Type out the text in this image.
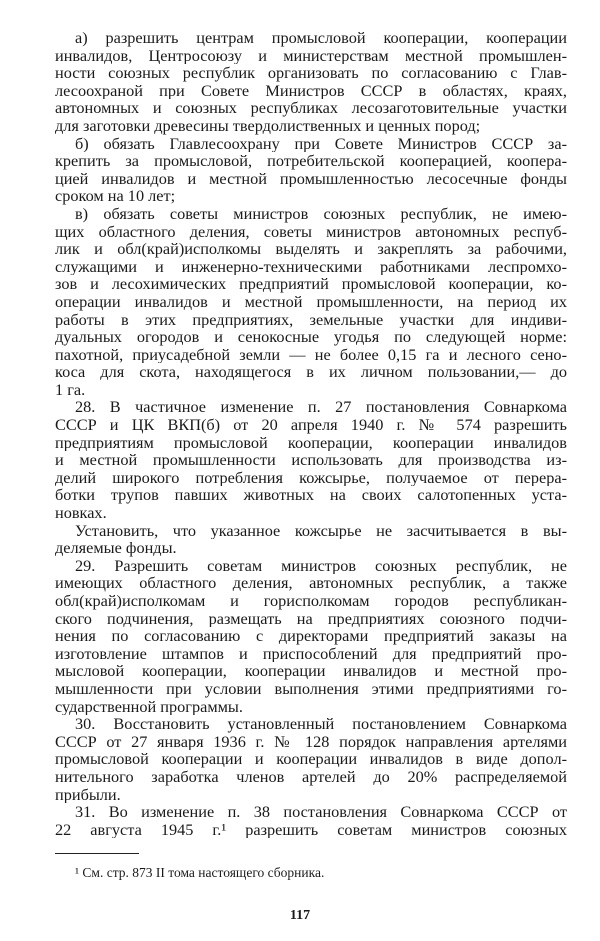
а) разрешить центрам промысловой кооперации, кооперации
инвалидов, Центросоюзу и министерствам местной промышлен-
ности союзных республик организовать по согласованию с Глав-
лесоохраной при Совете Министров СССР в областях, краях,
автономных и союзных республиках лесозаготовительные участки
для заготовки древесины твердолиственных и ценных пород;
б) обязать Главлесоохрану при Совете Министров СССР за-
крепить за промысловой, потребительской кооперацией, коопера-
цией инвалидов и местной промышленностью лесосечные фонды
сроком на 10 лет;
в) обязать советы министров союзных республик, не имею-
щих областного деления, советы министров автономных респуб-
лик и обл(край)исполкомы выделять и закреплять за рабочими,
служащими и инженерно-техническими работниками леспромхо-
зов и лесохимических предприятий промысловой кооперации, ко-
операции инвалидов и местной промышленности, на период их
работы в этих предприятиях, земельные участки для индиви-
дуальных огородов и сенокосные угодья по следующей норме:
пахотной, приусадебной земли — не более 0,15 га и лесного сено-
коса для скота, находящегося в их личном пользовании,— до
1 га.
28. В частичное изменение п. 27 постановления Совнаркома
СССР и ЦК ВКП(б) от 20 апреля 1940 г. № 574 разрешить
предприятиям промысловой кооперации, кооперации инвалидов
и местной промышленности использовать для производства из-
делий широкого потребления кожсырье, получаемое от перера-
ботки трупов павших животных на своих салотопенных уста-
новках.
Установить, что указанное кожсырье не засчитывается в вы-
деляемые фонды.
29. Разрешить советам министров союзных республик, не
имеющих областного деления, автономных республик, а также
обл(край)исполкомам и горисполкомам городов республикан-
ского подчинения, размещать на предприятиях союзного подчи-
нения по согласованию с директорами предприятий заказы на
изготовление штампов и приспособлений для предприятий про-
мысловой кооперации, кооперации инвалидов и местной про-
мышленности при условии выполнения этими предприятиями го-
сударственной программы.
30. Восстановить установленный постановлением Совнаркома
СССР от 27 января 1936 г. № 128 порядок направления артелями
промысловой кооперации и кооперации инвалидов в виде допол-
нительного заработка членов артелей до 20% распределяемой
прибыли.
31. Во изменение п. 38 постановления Совнаркома СССР от
22 августа 1945 г.¹ разрешить советам министров союзных
¹ См. стр. 873 II тома настоящего сборника.
117
